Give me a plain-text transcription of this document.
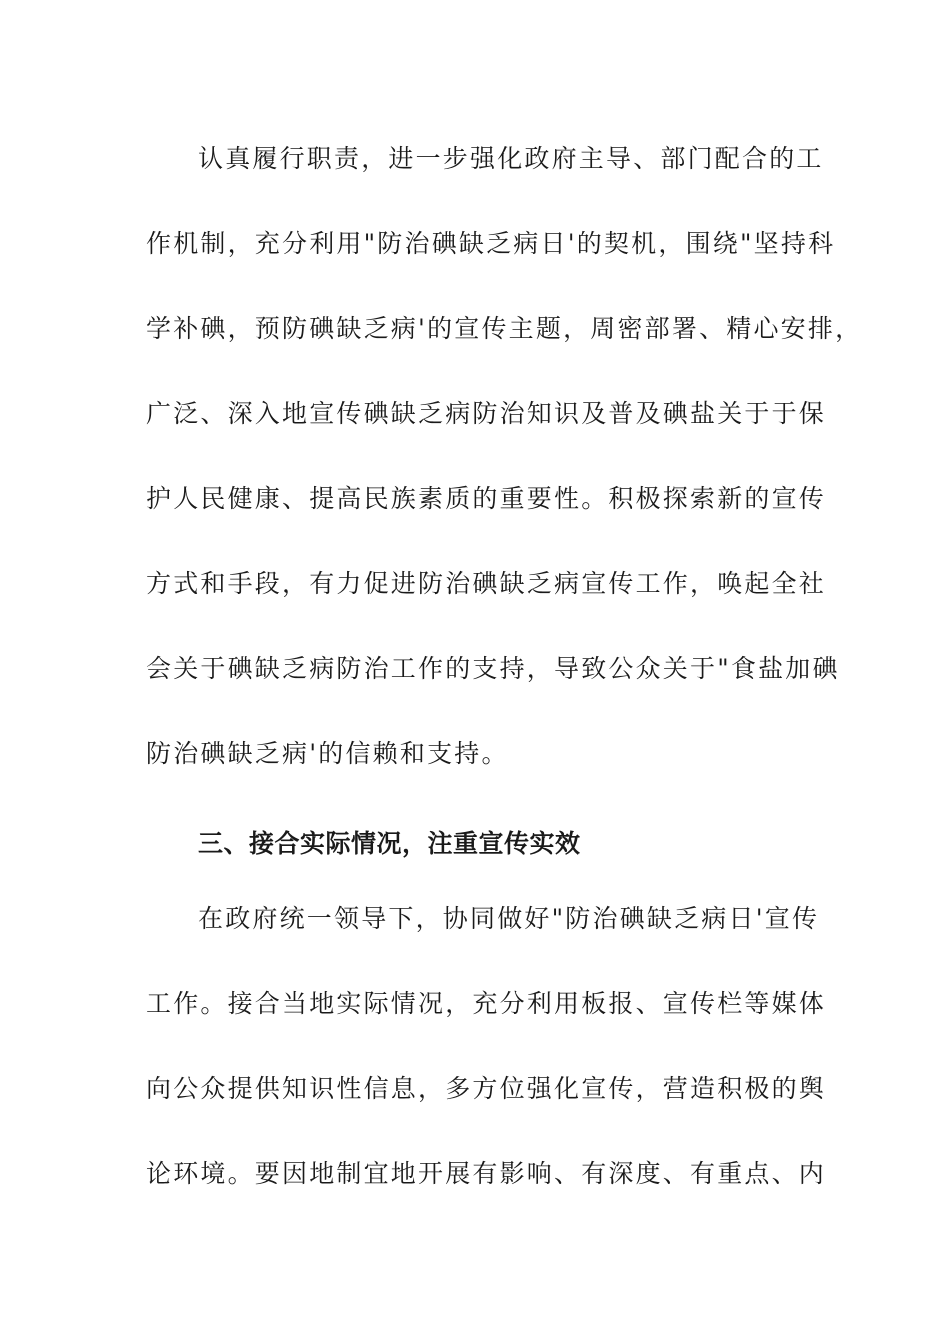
认真履行职责，进一步强化政府主导、部门配合的工
作机制，充分利用"防治碘缺乏病日'的契机，围绕"坚持科
学补碘，预防碘缺乏病'的宣传主题，周密部署、精心安排，
广泛、深入地宣传碘缺乏病防治知识及普及碘盐关于于保
护人民健康、提高民族素质的重要性。积极探索新的宣传
方式和手段，有力促进防治碘缺乏病宣传工作，唤起全社
会关于碘缺乏病防治工作的支持，导致公众关于"食盐加碘
防治碘缺乏病'的信赖和支持。
三、接合实际情况，注重宣传实效
在政府统一领导下，协同做好"防治碘缺乏病日'宣传
工作。接合当地实际情况，充分利用板报、宣传栏等媒体
向公众提供知识性信息，多方位强化宣传，营造积极的舆
论环境。要因地制宜地开展有影响、有深度、有重点、内
